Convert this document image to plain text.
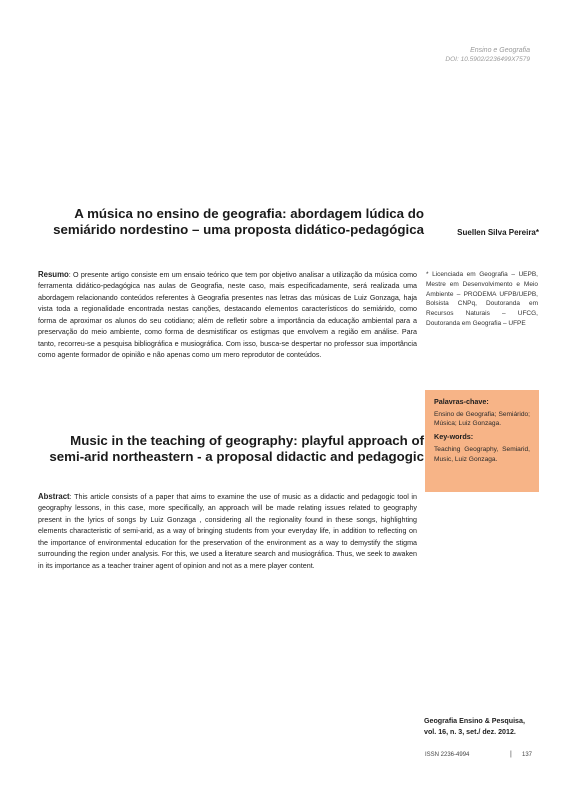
Ensino e Geografia
DOI: 10.5902/2236499X7579
A música no ensino de geografia: abordagem lúdica do semiárido nordestino – uma proposta didático-pedagógica	Suellen Silva Pereira*
Resumo: O presente artigo consiste em um ensaio teórico que tem por objetivo analisar a utilização da música como ferramenta didático-pedagógica nas aulas de Geografia, neste caso, mais especificadamente, será realizada uma abordagem relacionando conteúdos referentes à Geografia presentes nas letras das músicas de Luiz Gonzaga, haja vista toda a regionalidade encontrada nestas canções, destacando elementos característicos do semiárido, como forma de aproximar os alunos do seu cotidiano; além de refletir sobre a importância da educação ambiental para a preservação do meio ambiente, como forma de desmistificar os estigmas que envolvem a região em análise. Para tanto, recorreu-se a pesquisa bibliográfica e musiográfica. Com isso, busca-se despertar no professor sua importância como agente formador de opinião e não apenas como um mero reprodutor de conteúdos.
* Licenciada em Geografia – UEPB, Mestre em Desenvolvimento e Meio Ambiente – PRODEMA UFPB/UEPB, Bolsista CNPq, Doutoranda em Recursos Naturais – UFCG, Doutoranda em Geografia – UFPE
Palavras-chave:
Ensino de Geografia; Semiárido; Música; Luiz Gonzaga.
Key-words:
Teaching Geography, Semiarid, Music, Luiz Gonzaga.
Music in the teaching of geography: playful approach of semi-arid northeastern - a proposal didactic and pedagogic
Abstract: This article consists of a paper that aims to examine the use of music as a didactic and pedagogic tool in geography lessons, in this case, more specifically, an approach will be made relating issues related to geography present in the lyrics of songs by Luiz Gonzaga , considering all the regionality found in these songs, highlighting elements characteristic of semi-arid, as a way of bringing students from your everyday life, in addition to reflecting on the importance of environmental education for the preservation of the environment as a way to demystify the stigma surrounding the region under analysis. For this, we used a literature search and musiográfica. Thus, we seek to awaken in its importance as a teacher trainer agent of opinion and not as a mere player content.
Geografia Ensino & Pesquisa,
vol. 16, n. 3, set./ dez. 2012.
ISSN 2236-4994	| 137
